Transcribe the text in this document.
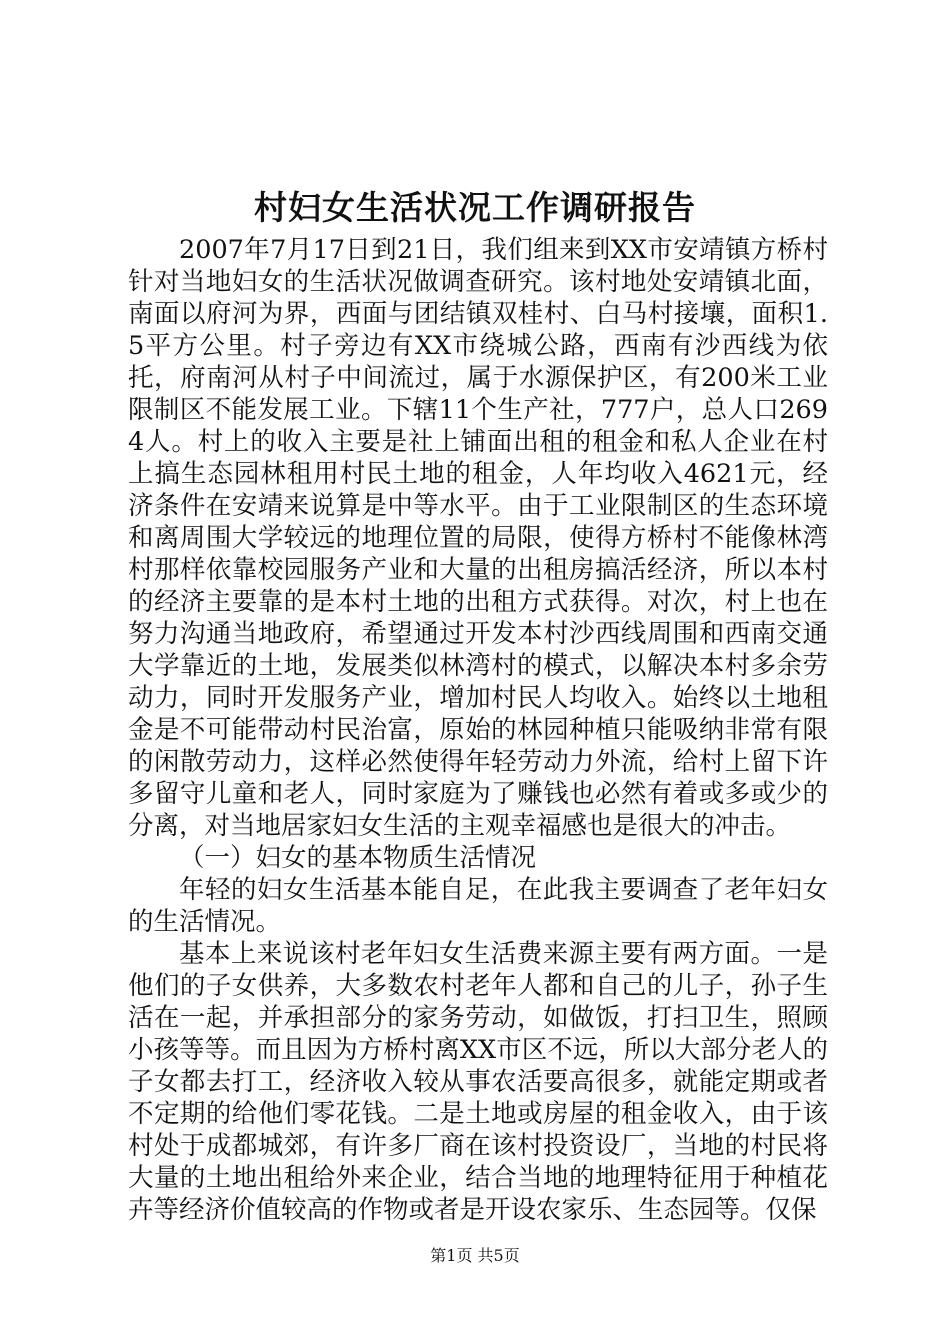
村妇女生活状况工作调研报告

2007年7月17日到21日，我们组来到XX市安靖镇方桥村针对当地妇女的生活状况做调查研究。该村地处安靖镇北面，南面以府河为界，西面与团结镇双桂村、白马村接壤，面积1.5平方公里。村子旁边有XX市绕城公路，西南有沙西线为依托，府南河从村子中间流过，属于水源保护区，有200米工业限制区不能发展工业。下辖11个生产社，777户，总人口2694人。村上的收入主要是社上铺面出租的租金和私人企业在村上搞生态园林租用村民土地的租金，人年均收入4621元，经济条件在安靖来说算是中等水平。由于工业限制区的生态环境和离周围大学较远的地理位置的局限，使得方桥村不能像林湾村那样依靠校园服务产业和大量的出租房搞活经济，所以本村的经济主要靠的是本村土地的出租方式获得。对次，村上也在努力沟通当地政府，希望通过开发本村沙西线周围和西南交通大学靠近的土地，发展类似林湾村的模式，以解决本村多余劳动力，同时开发服务产业，增加村民人均收入。始终以土地租金是不可能带动村民治富，原始的林园种植只能吸纳非常有限的闲散劳动力，这样必然使得年轻劳动力外流，给村上留下许多留守儿童和老人，同时家庭为了赚钱也必然有着或多或少的分离，对当地居家妇女生活的主观幸福感也是很大的冲击。

（一）妇女的基本物质生活情况

年轻的妇女生活基本能自足，在此我主要调查了老年妇女的生活情况。

基本上来说该村老年妇女生活费来源主要有两方面。一是他们的子女供养，大多数农村老年人都和自己的儿子，孙子生活在一起，并承担部分的家务劳动，如做饭，打扫卫生，照顾小孩等等。而且因为方桥村离XX市区不远，所以大部分老人的子女都去打工，经济收入较从事农活要高很多，就能定期或者不定期的给他们零花钱。二是土地或房屋的租金收入，由于该村处于成都城郊，有许多厂商在该村投资设厂，当地的村民将大量的土地出租给外来企业，结合当地的地理特征用于种植花卉等经济价值较高的作物或者是开设农家乐、生态园等。仅保

第1页 共5页
